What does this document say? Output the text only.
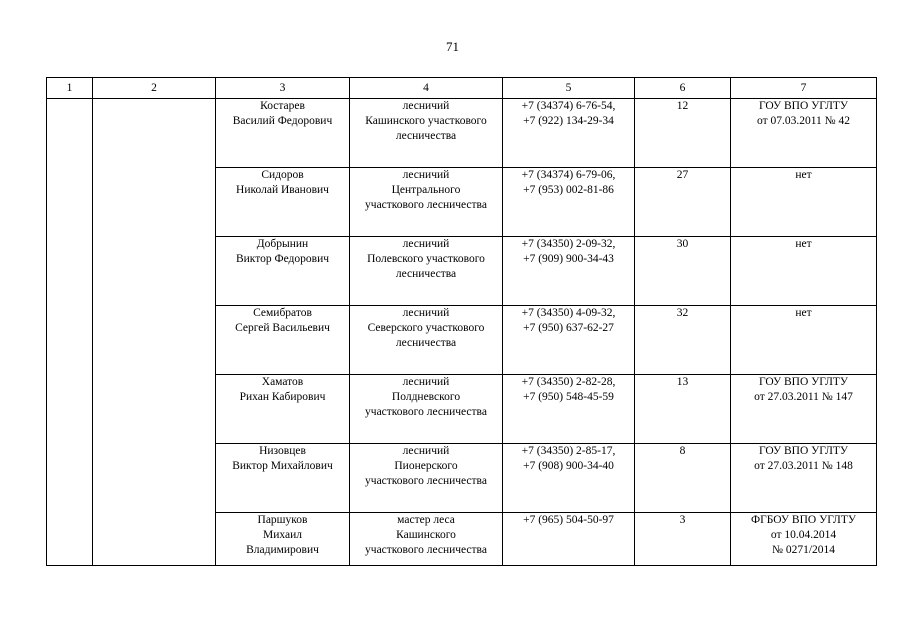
71
1	2	3	4	5	6	7

		Костарев
Василий Федорович	лесничий
Кашинского участкового
лесничества	+7 (34374) 6-76-54,
+7 (922) 134-29-34	12	ГОУ ВПО УГЛТУ
от 07.03.2011 № 42

		Сидоров
Николай Иванович	лесничий
Центрального
участкового лесничества	+7 (34374) 6-79-06,
+7 (953) 002-81-86	27	нет

		Добрынин
Виктор Федорович	лесничий
Полевского участкового
лесничества	+7 (34350) 2-09-32,
+7 (909) 900-34-43	30	нет

		Семибратов
Сергей Васильевич	лесничий
Северского участкового
лесничества	+7 (34350) 4-09-32,
+7 (950) 637-62-27	32	нет

		Хаматов
Рихан Кабирович	лесничий
Полдневского
участкового лесничества	+7 (34350) 2-82-28,
+7 (950) 548-45-59	13	ГОУ ВПО УГЛТУ
от 27.03.2011 № 147

		Низовцев
Виктор Михайлович	лесничий
Пионерского
участкового лесничества	+7 (34350) 2-85-17,
+7 (908) 900-34-40	8	ГОУ ВПО УГЛТУ
от 27.03.2011 № 148

		Паршуков
Михаил
Владимирович	мастер леса
Кашинского
участкового лесничества	+7 (965) 504-50-97	3	ФГБОУ ВПО УГЛТУ
от 10.04.2014
№ 0271/2014
